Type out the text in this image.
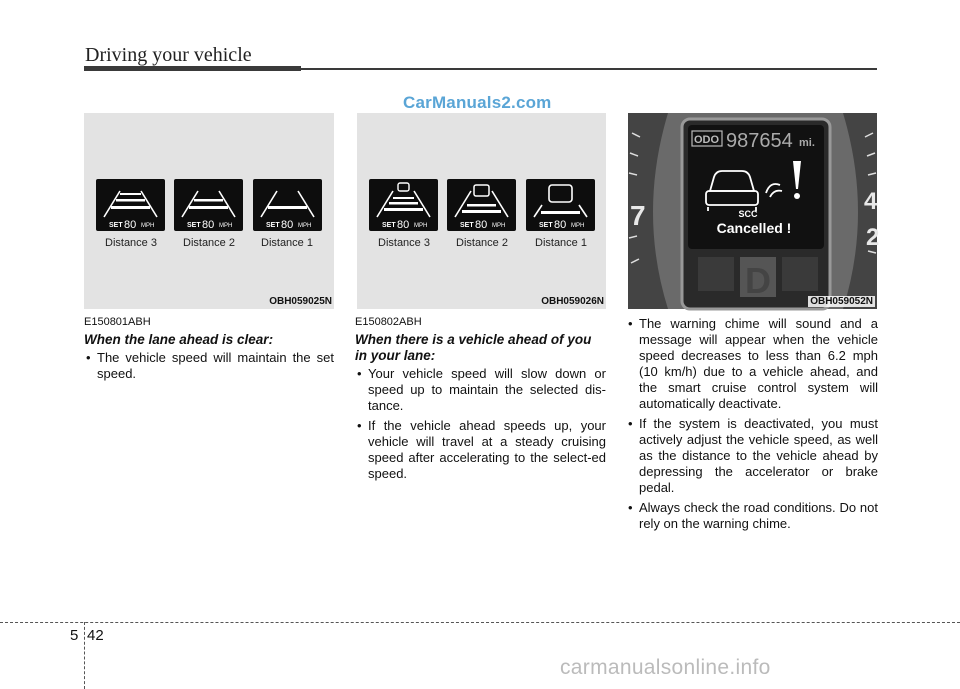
Driving your vehicle
CarManuals2.com
SET 80 MPH	SET 80 MPH	SET 80 MPH
Distance 3	Distance 2	Distance 1
OBH059025N
SET 80 MPH	SET 80 MPH	SET 80 MPH
Distance 3	Distance 2	Distance 1
OBH059026N
7	4
2
ODO 987654 mi.
SCC
Cancelled !
D
OBH059052N
E150801ABH
When the lane ahead is clear:
• The vehicle speed will maintain the set speed.
E150802ABH
When there is a vehicle ahead of you in your lane:
• Your vehicle speed will slow down or speed up to maintain the selected dis-tance.
• If the vehicle ahead speeds up, your vehicle will travel at a steady cruising speed after accelerating to the select-ed speed.
• The warning chime will sound and a message will appear when the vehicle speed decreases to less than 6.2 mph (10 km/h) due to a vehicle ahead, and the smart cruise control system will automatically deactivate.
• If the system is deactivated, you must actively adjust the vehicle speed, as well as the distance to the vehicle ahead by depressing the accelerator or brake pedal.
• Always check the road conditions. Do not rely on the warning chime.
5 42
carmanualsonline.info
